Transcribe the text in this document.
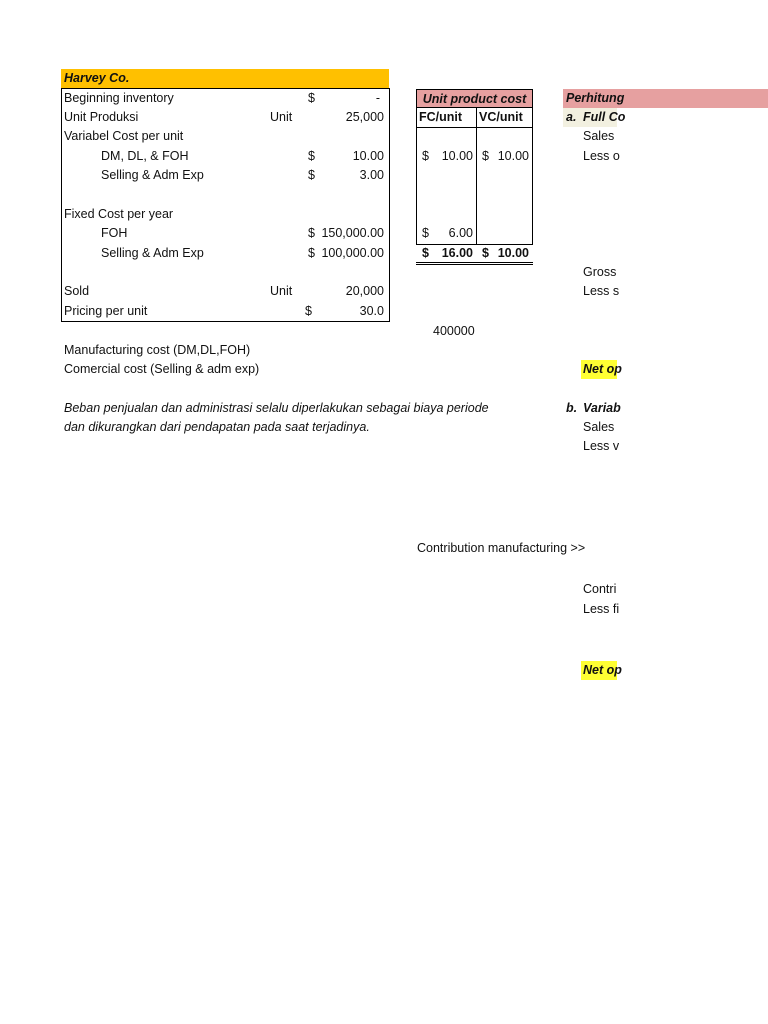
Harvey Co.
Beginning inventory	$	-
Unit Produksi	Unit	25,000
Variabel Cost per unit
DM, DL, & FOH	$	10.00
Selling & Adm Exp	$	3.00
Fixed Cost per year
FOH	$ 150,000.00
Selling & Adm Exp	$ 100,000.00
Sold	Unit	20,000
Pricing per unit	$	30.0
400000
Manufacturing cost (DM,DL,FOH)
Comercial cost (Selling & adm exp)
Beban penjualan dan administrasi selalu diperlakukan sebagai biaya periode
dan dikurangkan dari pendapatan pada saat terjadinya.
Unit product cost
FC/unit VC/unit
$	10.00 $ 10.00
$	6.00
$	16.00 $ 10.00
Contribution manufacturing >>
Perhitung
a. Full Co
Sales
Less o
Gross
Less s
Net op
b. Variab
Sales
Less v
Contri
Less fi
Net op
